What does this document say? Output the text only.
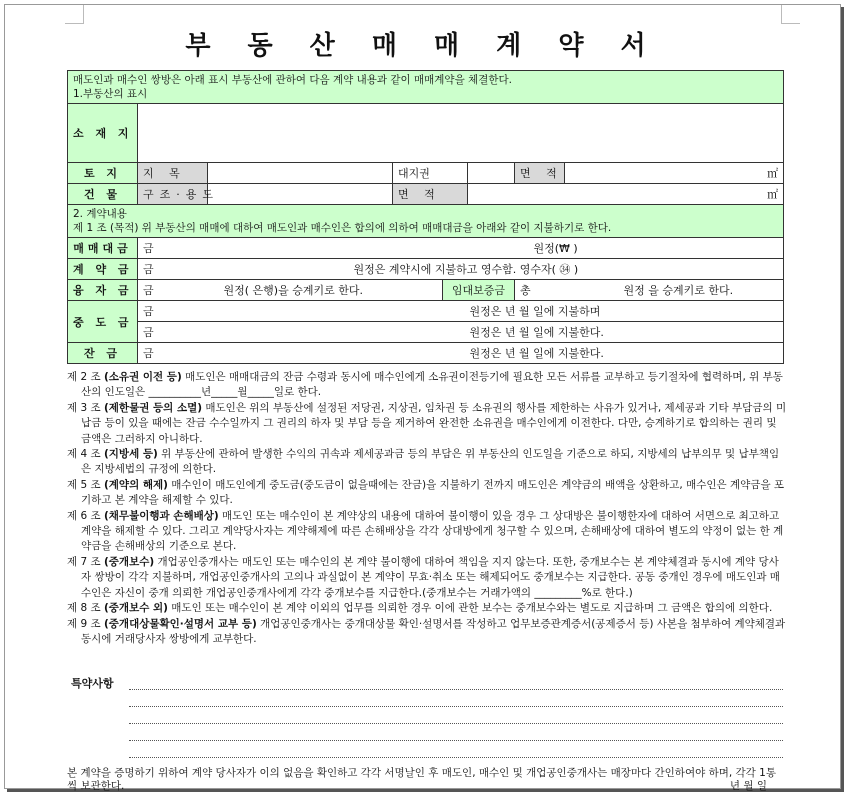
부 동 산 매 매 계 약 서
매도인과 매수인 쌍방은 아래 표시 부동산에 관하여 다음 계약 내용과 같이 매매계약을 체결한다.
1.부동산의 표시							

소 재 지							
토 지	지 목		대지권			면 적	㎡
건 물	구조·용도		면 적		㎡		

2. 계약내용
제 1 조 (목적) 위 부동산의 매매에 대하여 매도인과 매수인은 합의에 의하여 매매대금을 아래와 같이 지불하기로 한다.							

매매대금	금 원정(₩ )						

계 약 금	금 원정은 계약시에 지불하고 영수함. 영수자( ㉞ )						

융 자 금	금 원정( 은행)을 승계키로 한다.			임대보증금		총 원정 을 승계키로 한다.	

중 도 금	금 원정은 년 월 일에 지불하며						

	금 원정은 년 월 일에 지불한다.						

잔 금	금 원정은 년 월 일에 지불한다.						
제 2 조 (소유권 이전 등) 매도인은 매매대금의 잔금 수령과 동시에 매수인에게 소유권이전등기에 필요한 모든 서류를 교부하고 등기절차에 협력하며, 위 부동산의 인도일은 __________년_____월_____일로 한다.
제 3 조 (제한물권 등의 소멸) 매도인은 위의 부동산에 설정된 저당권, 지상권, 임차권 등 소유권의 행사를 제한하는 사유가 있거나, 제세공과 기타 부담금의 미납금 등이 있을 때에는 잔금 수수일까지 그 권리의 하자 및 부담 등을 제거하여 완전한 소유권을 매수인에게 이전한다. 다만, 승계하기로 합의하는 권리 및 금액은 그러하지 아니하다.
제 4 조 (지방세 등) 위 부동산에 관하여 발생한 수익의 귀속과 제세공과금 등의 부담은 위 부동산의 인도일을 기준으로 하되, 지방세의 납부의무 및 납부책임은 지방세법의 규정에 의한다.
제 5 조 (계약의 해제) 매수인이 매도인에게 중도금(중도금이 없을때에는 잔금)을 지불하기 전까지 매도인은 계약금의 배액을 상환하고, 매수인은 계약금을 포기하고 본 계약을 해제할 수 있다.
제 6 조 (채무불이행과 손해배상) 매도인 또는 매수인이 본 계약상의 내용에 대하여 불이행이 있을 경우 그 상대방은 불이행한자에 대하여 서면으로 최고하고 계약을 해제할 수 있다. 그리고 계약당사자는 계약해제에 따른 손해배상을 각각 상대방에게 청구할 수 있으며, 손해배상에 대하여 별도의 약정이 없는 한 계약금을 손해배상의 기준으로 본다.
제 7 조 (중개보수) 개업공인중개사는 매도인 또는 매수인의 본 계약 불이행에 대하여 책임을 지지 않는다. 또한, 중개보수는 본 계약체결과 동시에 계약 당사자 쌍방이 각각 지불하며, 개업공인중개사의 고의나 과실없이 본 계약이 무효·취소 또는 해제되어도 중개보수는 지급한다. 공동 중개인 경우에 매도인과 매수인은 자신이 중개 의뢰한 개업공인중개사에게 각각 중개보수를 지급한다.(중개보수는 거래가액의 _________%로 한다.)
제 8 조 (중개보수 외) 매도인 또는 매수인이 본 계약 이외의 업무를 의뢰한 경우 이에 관한 보수는 중개보수와는 별도로 지급하며 그 금액은 합의에 의한다.
제 9 조 (중개대상물확인·설명서 교부 등) 개업공인중개사는 중개대상물 확인·설명서를 작성하고 업무보증관계증서(공제증서 등) 사본을 첨부하여 계약체결과 동시에 거래당사자 쌍방에게 교부한다.
특약사항
본 계약을 증명하기 위하여 계약 당사자가 이의 없음을 확인하고 각각 서명날인 후 매도인, 매수인 및 개업공인중개사는 매장마다 간인하여야 하며, 각각 1통씩 보관한다.	년 월 일
